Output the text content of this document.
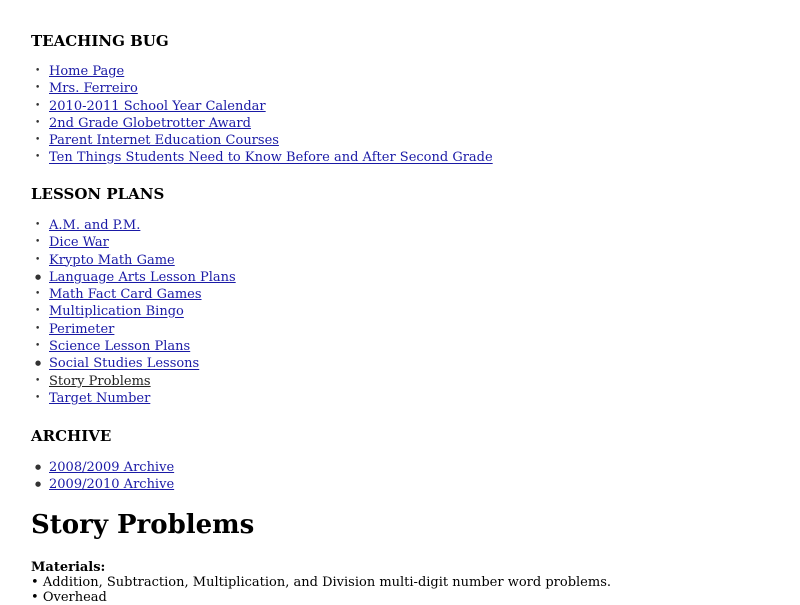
TEACHING BUG
• Home Page
• Mrs. Ferreiro
• 2010-2011 School Year Calendar
• 2nd Grade Globetrotter Award
• Parent Internet Education Courses
• Ten Things Students Need to Know Before and After Second Grade
LESSON PLANS
• A.M. and P.M.
• Dice War
• Krypto Math Game
● Language Arts Lesson Plans
• Math Fact Card Games
• Multiplication Bingo
• Perimeter
• Science Lesson Plans
● Social Studies Lessons
• Story Problems
• Target Number
ARCHIVE
● 2008/2009 Archive
● 2009/2010 Archive
Story Problems
Materials:
• Addition, Subtraction, Multiplication, and Division multi-digit number word problems.
• Overhead
